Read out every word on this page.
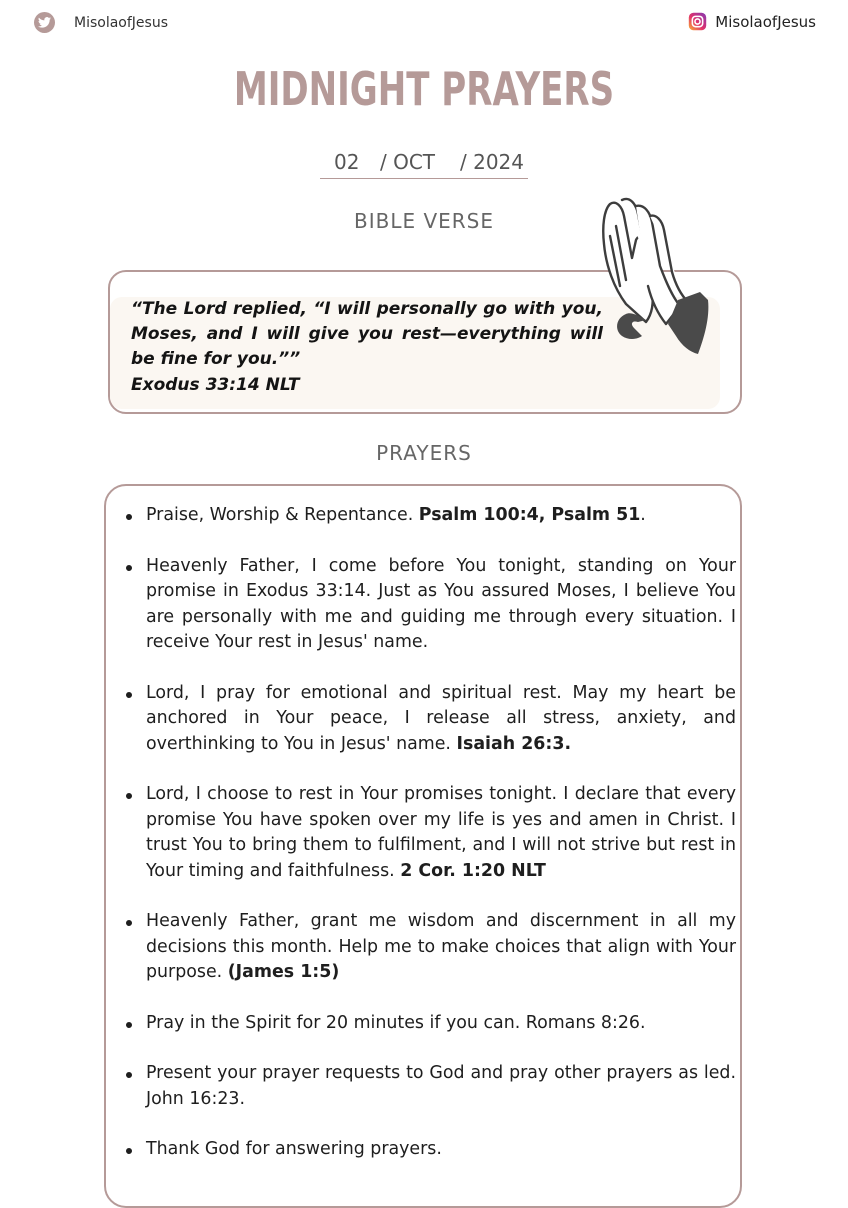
MisolaofJesus	MisolaofJesus
MIDNIGHT PRAYERS
02 / OCT / 2024
BIBLE VERSE
“The Lord replied, “I will personally go with you, Moses, and I will give you rest—everything will be fine for you.””
Exodus 33:14 NLT
PRAYERS
Praise, Worship & Repentance. Psalm 100:4, Psalm 51.
Heavenly Father, I come before You tonight, standing on Your promise in Exodus 33:14. Just as You assured Moses, I believe You are personally with me and guiding me through every situation. I receive Your rest in Jesus' name.
Lord, I pray for emotional and spiritual rest. May my heart be anchored in Your peace, I release all stress, anxiety, and overthinking to You in Jesus' name. Isaiah 26:3.
Lord, I choose to rest in Your promises tonight. I declare that every promise You have spoken over my life is yes and amen in Christ. I trust You to bring them to fulfilment, and I will not strive but rest in Your timing and faithfulness. 2 Cor. 1:20 NLT
Heavenly Father, grant me wisdom and discernment in all my decisions this month. Help me to make choices that align with Your purpose. (James 1:5)
Pray in the Spirit for 20 minutes if you can. Romans 8:26.
Present your prayer requests to God and pray other prayers as led. John 16:23.
Thank God for answering prayers.
